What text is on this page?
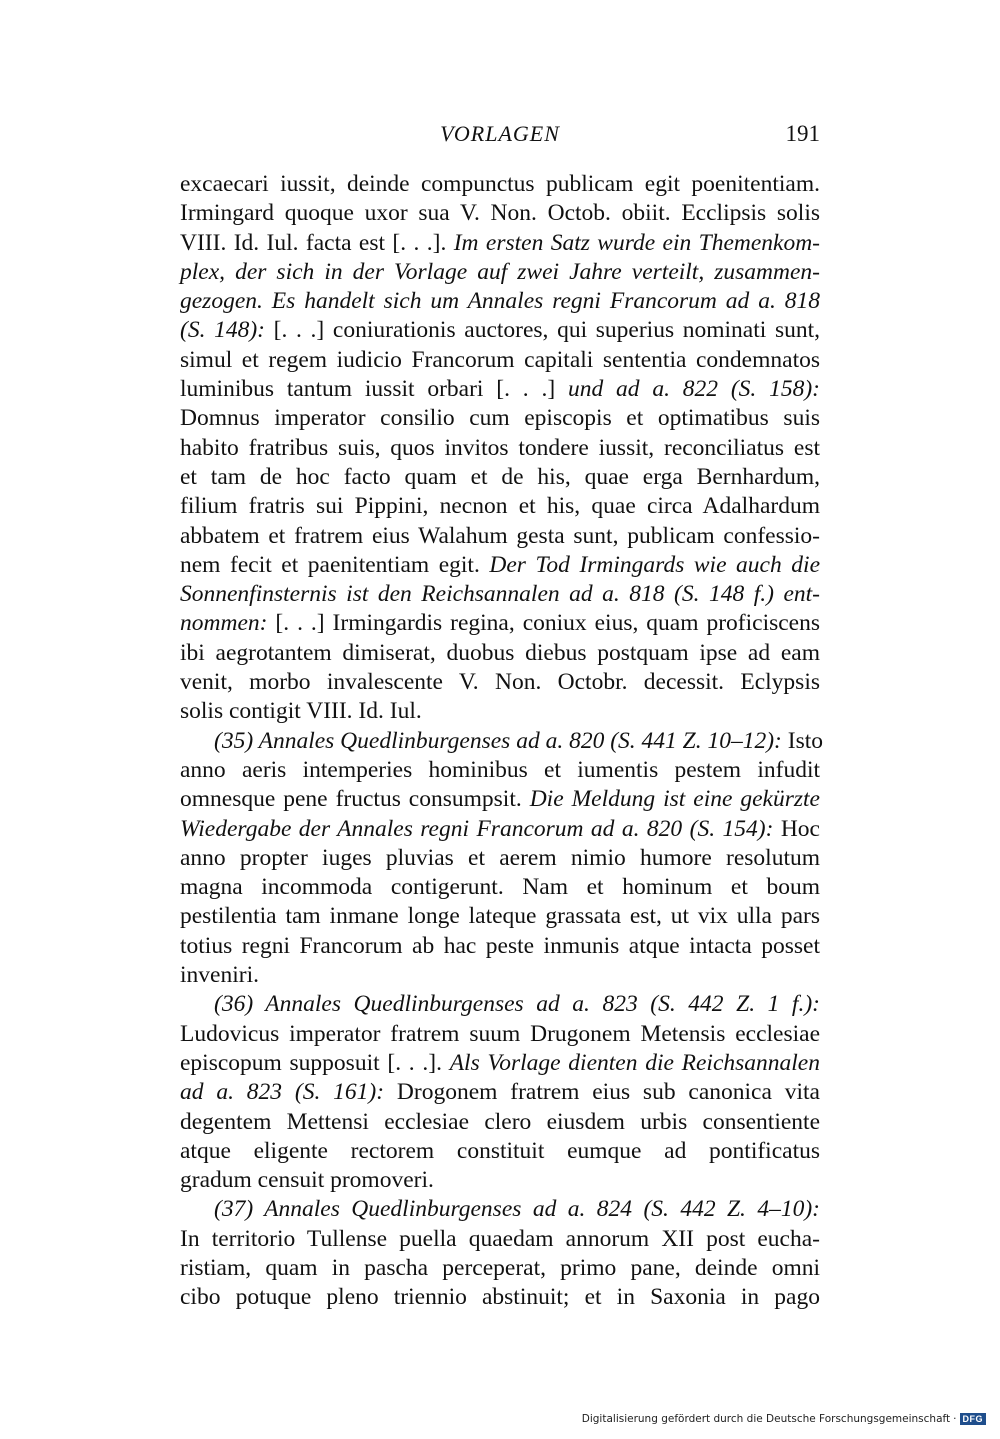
VORLAGEN	191
excaecari iussit, deinde compunctus publicam egit poenitentiam.
Irmingard quoque uxor sua V. Non. Octob. obiit. Ecclipsis solis
VIII. Id. Iul. facta est [. . .]. Im ersten Satz wurde ein Themenkom-
plex, der sich in der Vorlage auf zwei Jahre verteilt, zusammen-
gezogen. Es handelt sich um Annales regni Francorum ad a. 818
(S. 148): [. . .] coniurationis auctores, qui superius nominati sunt,
simul et regem iudicio Francorum capitali sententia condemnatos
luminibus tantum iussit orbari [. . .] und ad a. 822 (S. 158):
Domnus imperator consilio cum episcopis et optimatibus suis
habito fratribus suis, quos invitos tondere iussit, reconciliatus est
et tam de hoc facto quam et de his, quae erga Bernhardum,
filium fratris sui Pippini, necnon et his, quae circa Adalhardum
abbatem et fratrem eius Walahum gesta sunt, publicam confessio-
nem fecit et paenitentiam egit. Der Tod Irmingards wie auch die
Sonnenfinsternis ist den Reichsannalen ad a. 818 (S. 148 f.) ent-
nommen: [. . .] Irmingardis regina, coniux eius, quam proficiscens
ibi aegrotantem dimiserat, duobus diebus postquam ipse ad eam
venit, morbo invalescente V. Non. Octobr. decessit. Eclypsis
solis contigit VIII. Id. Iul.
(35) Annales Quedlinburgenses ad a. 820 (S. 441 Z. 10–12): Isto
anno aeris intemperies hominibus et iumentis pestem infudit
omnesque pene fructus consumpsit. Die Meldung ist eine gekürzte
Wiedergabe der Annales regni Francorum ad a. 820 (S. 154): Hoc
anno propter iuges pluvias et aerem nimio humore resolutum
magna incommoda contigerunt. Nam et hominum et boum
pestilentia tam inmane longe lateque grassata est, ut vix ulla pars
totius regni Francorum ab hac peste inmunis atque intacta posset
inveniri.
(36) Annales Quedlinburgenses ad a. 823 (S. 442 Z. 1 f.):
Ludovicus imperator fratrem suum Drugonem Metensis ecclesiae
episcopum supposuit [. . .]. Als Vorlage dienten die Reichsannalen
ad a. 823 (S. 161): Drogonem fratrem eius sub canonica vita
degentem Mettensi ecclesiae clero eiusdem urbis consentiente
atque eligente rectorem constituit eumque ad pontificatus
gradum censuit promoveri.
(37) Annales Quedlinburgenses ad a. 824 (S. 442 Z. 4–10):
In territorio Tullense puella quaedam annorum XII post eucha-
ristiam, quam in pascha perceperat, primo pane, deinde omni
cibo potuque pleno triennio abstinuit; et in Saxonia in pago
Digitalisierung gefördert durch die Deutsche Forschungsgemeinschaft · DFG
